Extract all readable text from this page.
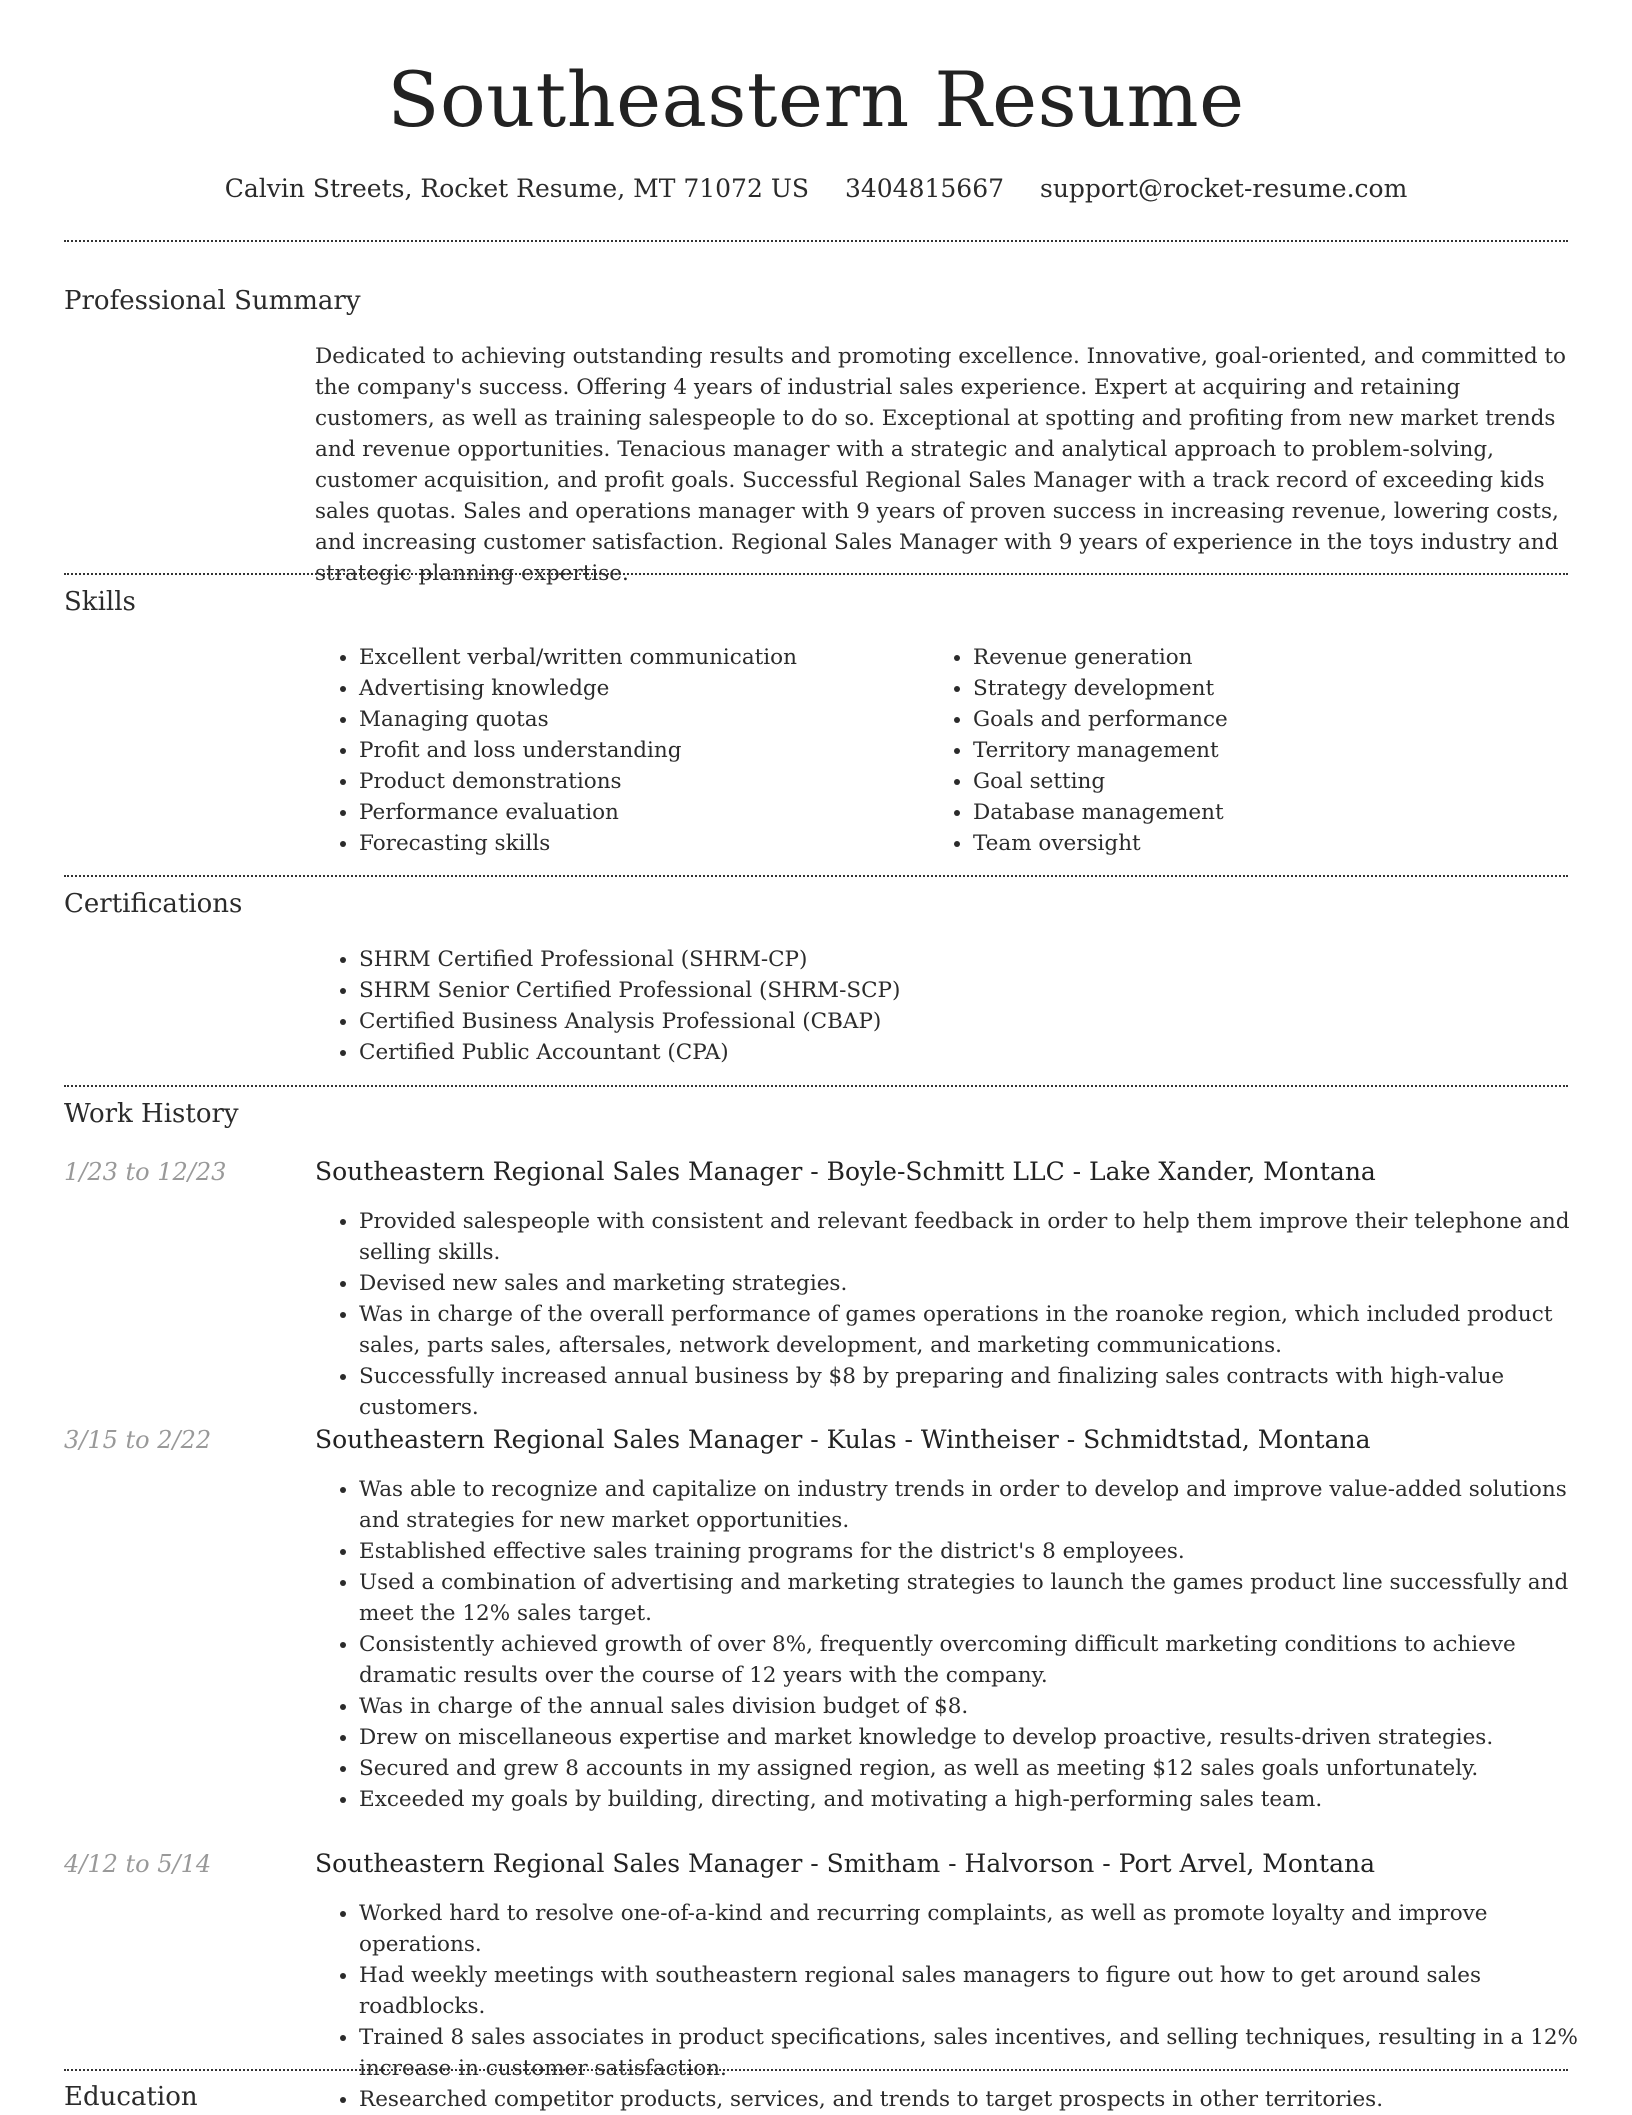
Southeastern Resume
Calvin Streets, Rocket Resume, MT 71072 US 3404815667 support@rocket-resume.com
Professional Summary

Dedicated to achieving outstanding results and promoting excellence. Innovative, goal-oriented, and committed to the company's success. Offering 4 years of industrial sales experience. Expert at acquiring and retaining customers, as well as training salespeople to do so. Exceptional at spotting and profiting from new market trends and revenue opportunities. Tenacious manager with a strategic and analytical approach to problem-solving, customer acquisition, and profit goals. Successful Regional Sales Manager with a track record of exceeding kids sales quotas. Sales and operations manager with 9 years of proven success in increasing revenue, lowering costs, and increasing customer satisfaction. Regional Sales Manager with 9 years of experience in the toys industry and strategic planning expertise.

Skills
• Excellent verbal/written communication
• Advertising knowledge
• Managing quotas
• Profit and loss understanding
• Product demonstrations
• Performance evaluation
• Forecasting skills
• Revenue generation
• Strategy development
• Goals and performance
• Territory management
• Goal setting
• Database management
• Team oversight
Certifications
• SHRM Certified Professional (SHRM-CP)
• SHRM Senior Certified Professional (SHRM-SCP)
• Certified Business Analysis Professional (CBAP)
• Certified Public Accountant (CPA)
Work History
1/23 to 12/23	Southeastern Regional Sales Manager - Boyle-Schmitt LLC - Lake Xander, Montana
• Provided salespeople with consistent and relevant feedback in order to help them improve their telephone and selling skills.
• Devised new sales and marketing strategies.
• Was in charge of the overall performance of games operations in the roanoke region, which included product sales, parts sales, aftersales, network development, and marketing communications.
• Successfully increased annual business by $8 by preparing and finalizing sales contracts with high-value customers.
3/15 to 2/22	Southeastern Regional Sales Manager - Kulas - Wintheiser - Schmidtstad, Montana
• Was able to recognize and capitalize on industry trends in order to develop and improve value-added solutions and strategies for new market opportunities.
• Established effective sales training programs for the district's 8 employees.
• Used a combination of advertising and marketing strategies to launch the games product line successfully and meet the 12% sales target.
• Consistently achieved growth of over 8%, frequently overcoming difficult marketing conditions to achieve dramatic results over the course of 12 years with the company.
• Was in charge of the annual sales division budget of $8.
• Drew on miscellaneous expertise and market knowledge to develop proactive, results-driven strategies.
• Secured and grew 8 accounts in my assigned region, as well as meeting $12 sales goals unfortunately.
• Exceeded my goals by building, directing, and motivating a high-performing sales team.
4/12 to 5/14	Southeastern Regional Sales Manager - Smitham - Halvorson - Port Arvel, Montana
• Worked hard to resolve one-of-a-kind and recurring complaints, as well as promote loyalty and improve operations.
• Had weekly meetings with southeastern regional sales managers to figure out how to get around sales roadblocks.
• Trained 8 sales associates in product specifications, sales incentives, and selling techniques, resulting in a 12% increase in customer satisfaction.
• Researched competitor products, services, and trends to target prospects in other territories.
Education
